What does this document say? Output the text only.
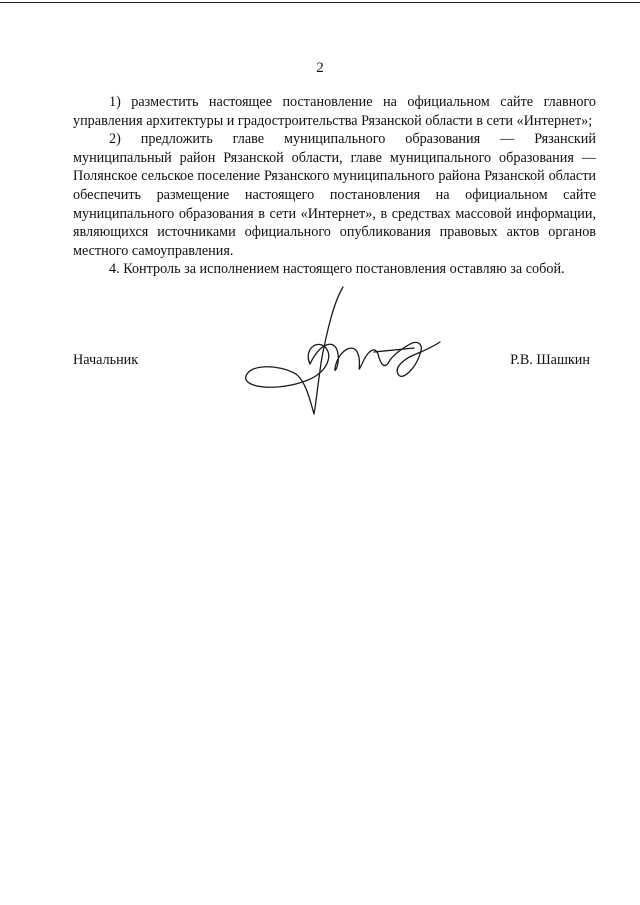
2

1) разместить настоящее постановление на официальном сайте главного управления архитектуры и градостроительства Рязанской области в сети «Интернет»;

2) предложить главе муниципального образования — Рязанский муниципальный район Рязанской области, главе муниципального образования — Полянское сельское поселение Рязанского муниципального района Рязанской области обеспечить размещение настоящего постановления на официальном сайте муниципального образования в сети «Интернет», в средствах массовой информации, являющихся источниками официального опубликования правовых актов органов местного самоуправления.

4. Контроль за исполнением настоящего постановления оставляю за собой.

Начальник	Р.В. Шашкин
